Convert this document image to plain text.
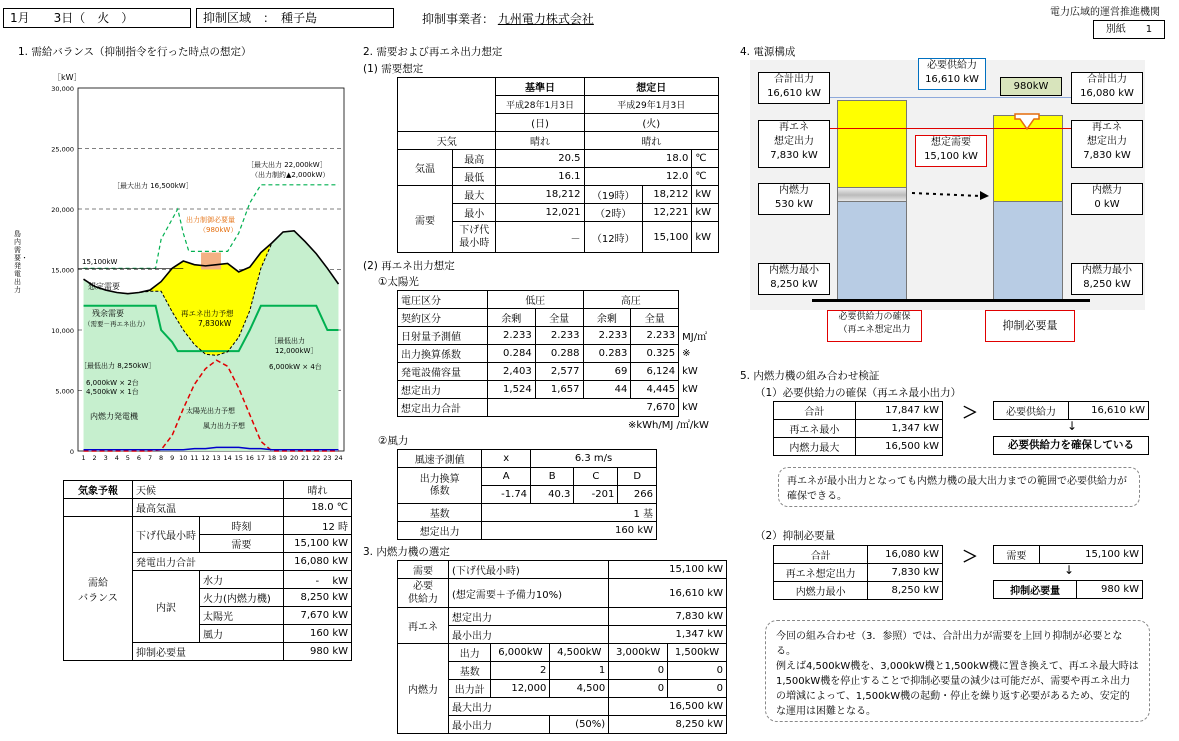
1月　　3日（　火　）	抑制区域　：　種子島	抑制事業者： 九州電力株式会社	電力広域的運営推進機関
別紙　　1
1. 需給バランス（抑制指令を行った時点の想定）
［kW］
島内需要・発電出力
30,000
25,000
20,000
15,000
10,000
5,000
0
1 2 3 4 5 6 7 8 9 10 11 12 13 14 15 16 17 18 19 20 21 22 23 24
15,100kW
［最大出力 16,500kW］
［最大出力 22,000kW］
（出力制約▲2,000kW）
出力制御必要量
（980kW）
想定需要
残余需要
（需要－再エネ出力）
再エネ出力予想
7,830kW
［最低出力 8,250kW］
6,000kW × 2台
4,500kW × 1台
［最低出力
12,000kW］
6,000kW × 4台
内燃力発電機
太陽光出力予想
風力出力予想
気象予報	天候		晴れ
	最高気温		18.0 ℃
需給
バランス	下げ代最小時	時刻	12 時
		需要	15,100 kW
	発電出力合計		16,080 kW
	内訳	水力	-　 kW
		火力(内燃力機)	8,250 kW
		太陽光	7,670 kW
		風力	160 kW
	抑制必要量		980 kW
2. 需要および再エネ出力想定
(1) 需要想定
		基準日	想定日		
		平成28年1月3日	平成29年1月3日		
		(日)	(火)		
天気		晴れ	晴れ		
気温	最高	20.5	18.0		℃
	最低	16.1	12.0		℃
需要	最大	18,212	（19時）	18,212	kW
	最小	12,021	（2時）	12,221	kW
	下げ代
最小時	－	（12時）	15,100	kW
(2) 再エネ出力想定
①太陽光
電圧区分	低圧		高圧		
契約区分	余剰	全量	余剰	全量	
日射量予測値	2.233	2.233	2.233	2.233	MJ/㎡
出力換算係数	0.284	0.288	0.283	0.325	※
発電設備容量	2,403	2,577	69	6,124	kW
想定出力	1,524	1,657	44	4,445	kW
想定出力合計	7,670				kW
※kWh/MJ /㎡/kW
②風力
風速予測値	x	6.3 m/s		
出力換算
係数	A	B	C	D
	-1.74	40.3	-201	266
基数	1 基			
想定出力	160 kW			
3. 内燃力機の選定
需要	(下げ代最小時)			15,100 kW	
必要
供給力	(想定需要＋予備力10%)			16,610 kW	
再エネ	想定出力			7,830 kW	
	最小出力			1,347 kW	
内燃力	出力	6,000kW	4,500kW	3,000kW	1,500kW
	基数	2	1	0	0
	出力計	12,000	4,500	0	0
	最大出力			16,500 kW	
	最小出力		(50%)	8,250 kW	
4. 電源構成
必要供給力
16,610 kW
980kW
合計出力
16,610 kW
合計出力
16,080 kW
再エネ
想定出力
7,830 kW
再エネ
想定出力
7,830 kW
想定需要
15,100 kW
内燃力
530 kW
内燃力
0 kW
内燃力最小
8,250 kW
内燃力最小
8,250 kW
必要供給力の確保
（再エネ想定出力	抑制必要量
5. 内燃力機の組み合わせ検証
（1）必要供給力の確保（再エネ最小出力）
合計	17,847 kW
再エネ最小	1,347 kW
内燃力最大	16,500 kW
＞	必要供給力	16,610 kW
↓
必要供給力を確保している
再エネが最小出力となっても内燃力機の最大出力までの範囲で必要供給力が確保できる。
（2）抑制必要量
合計	16,080 kW
再エネ想定出力	7,830 kW
内燃力最小	8,250 kW
＞	需要	15,100 kW
↓
抑制必要量	980 kW
今回の組み合わせ（3．参照）では、合計出力が需要を上回り抑制が必要となる。
例えば4,500kW機を、3,000kW機と1,500kW機に置き換えて、再エネ最大時は1,500kW機を停止することで抑制必要量の減少は可能だが、需要や再エネ出力の増減によって、1,500kW機の起動・停止を繰り返す必要があるため、安定的な運用は困難となる。
